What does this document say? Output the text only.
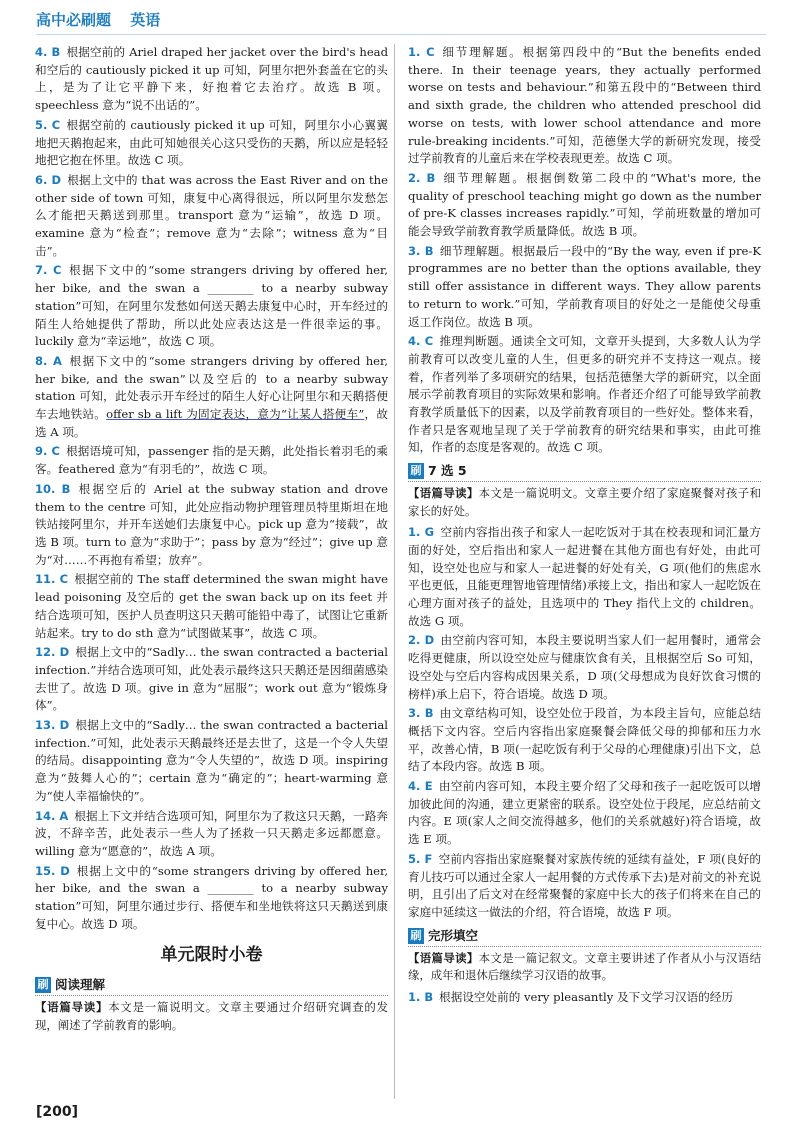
高中必刷题 英语
4. B 根据空前的 Ariel draped her jacket over the bird's head 和空后的 cautiously picked it up 可知，阿里尔把外套盖在它的头上，是为了让它平静下来，好抱着它去治疗。故选 B 项。speechless 意为“说不出话的”。
5. C 根据空前的 cautiously picked it up 可知，阿里尔小心翼翼地把天鹅抱起来，由此可知她很关心这只受伤的天鹅，所以应是轻轻地把它抱在怀里。故选 C 项。
6. D 根据上文中的 that was across the East River and on the other side of town 可知，康复中心离得很远，所以阿里尔发愁怎么才能把天鹅送到那里。transport 意为“运输”，故选 D 项。examine 意为“检查”；remove 意为“去除”；witness 意为“目击”。
7. C 根据下文中的“some strangers driving by offered her, her bike, and the swan a ________ to a nearby subway station”可知，在阿里尔发愁如何送天鹅去康复中心时，开车经过的陌生人给她提供了帮助，所以此处应表达这是一件很幸运的事。luckily 意为“幸运地”，故选 C 项。
8. A 根据下文中的“some strangers driving by offered her, her bike, and the swan”以及空后的 to a nearby subway station 可知，此处表示开车经过的陌生人好心让阿里尔和天鹅搭便车去地铁站。offer sb a lift 为固定表达，意为“让某人搭便车”，故选 A 项。
9. C 根据语境可知，passenger 指的是天鹅，此处指长着羽毛的乘客。feathered 意为“有羽毛的”，故选 C 项。
10. B 根据空后的 Ariel at the subway station and drove them to the centre 可知，此处应指动物护理管理员特里斯坦在地铁站接阿里尔，并开车送她们去康复中心。pick up 意为“接载”，故选 B 项。turn to 意为“求助于”；pass by 意为“经过”；give up 意为“对……不再抱有希望；放弃”。
11. C 根据空前的 The staff determined the swan might have lead poisoning 及空后的 get the swan back up on its feet 并结合选项可知，医护人员查明这只天鹅可能铅中毒了，试图让它重新站起来。try to do sth 意为“试图做某事”，故选 C 项。
12. D 根据上文中的“Sadly… the swan contracted a bacterial infection.”并结合选项可知，此处表示最终这只天鹅还是因细菌感染去世了。故选 D 项。give in 意为“屈服”；work out 意为“锻炼身体”。
13. D 根据上文中的“Sadly… the swan contracted a bacterial infection.”可知，此处表示天鹅最终还是去世了，这是一个令人失望的结局。disappointing 意为“令人失望的”，故选 D 项。inspiring 意为“鼓舞人心的”；certain 意为“确定的”；heart-warming 意为“使人幸福愉快的”。
14. A 根据上下文并结合选项可知，阿里尔为了救这只天鹅，一路奔波，不辞辛苦，此处表示一些人为了拯救一只天鹅走多远都愿意。willing 意为“愿意的”，故选 A 项。
15. D 根据上文中的“some strangers driving by offered her, her bike, and the swan a ________ to a nearby subway station”可知，阿里尔通过步行、搭便车和坐地铁将这只天鹅送到康复中心。故选 D 项。
单元限时小卷
刷 阅读理解
【语篇导读】本文是一篇说明文。文章主要通过介绍研究调查的发现，阐述了学前教育的影响。
1. C 细节理解题。根据第四段中的“But the benefits ended there. In their teenage years, they actually performed worse on tests and behaviour.”和第五段中的“Between third and sixth grade, the children who attended preschool did worse on tests, with lower school attendance and more rule-breaking incidents.”可知，范德堡大学的新研究发现，接受过学前教育的儿童后来在学校表现更差。故选 C 项。
2. B 细节理解题。根据倒数第二段中的“What's more, the quality of preschool teaching might go down as the number of pre-K classes increases rapidly.”可知，学前班数量的增加可能会导致学前教育教学质量降低。故选 B 项。
3. B 细节理解题。根据最后一段中的“By the way, even if pre-K programmes are no better than the options available, they still offer assistance in different ways. They allow parents to return to work.”可知，学前教育项目的好处之一是能使父母重返工作岗位。故选 B 项。
4. C 推理判断题。通读全文可知，文章开头提到，大多数人认为学前教育可以改变儿童的人生，但更多的研究并不支持这一观点。接着，作者列举了多项研究的结果，包括范德堡大学的新研究，以全面展示学前教育项目的实际效果和影响。作者还介绍了可能导致学前教育教学质量低下的因素，以及学前教育项目的一些好处。整体来看，作者只是客观地呈现了关于学前教育的研究结果和事实，由此可推知，作者的态度是客观的。故选 C 项。
刷 7 选 5
【语篇导读】本文是一篇说明文。文章主要介绍了家庭聚餐对孩子和家长的好处。
1. G 空前内容指出孩子和家人一起吃饭对于其在校表现和词汇量方面的好处，空后指出和家人一起进餐在其他方面也有好处，由此可知，设空处也应与和家人一起进餐的好处有关，G 项(他们的焦虑水平也更低，且能更理智地管理情绪)承接上文，指出和家人一起吃饭在心理方面对孩子的益处，且选项中的 They 指代上文的 children。故选 G 项。
2. D 由空前内容可知，本段主要说明当家人们一起用餐时，通常会吃得更健康，所以设空处应与健康饮食有关，且根据空后 So 可知，设空处与空后内容构成因果关系，D 项(父母想成为良好饮食习惯的榜样)承上启下，符合语境。故选 D 项。
3. B 由文章结构可知，设空处位于段首，为本段主旨句，应能总结概括下文内容。空后内容指出家庭聚餐会降低父母的抑郁和压力水平，改善心情，B 项(一起吃饭有利于父母的心理健康)引出下文，总结了本段内容。故选 B 项。
4. E 由空前内容可知，本段主要介绍了父母和孩子一起吃饭可以增加彼此间的沟通，建立更紧密的联系。设空处位于段尾，应总结前文内容。E 项(家人之间交流得越多，他们的关系就越好)符合语境，故选 E 项。
5. F 空前内容指出家庭聚餐对家族传统的延续有益处，F 项(良好的育儿技巧可以通过全家人一起用餐的方式传承下去)是对前文的补充说明，且引出了后文对在经常聚餐的家庭中长大的孩子们将来在自己的家庭中延续这一做法的介绍，符合语境，故选 F 项。
刷 完形填空
【语篇导读】本文是一篇记叙文。文章主要讲述了作者从小与汉语结缘，成年和退休后继续学习汉语的故事。
1. B 根据设空处前的 very pleasantly 及下文学习汉语的经历
[200]
